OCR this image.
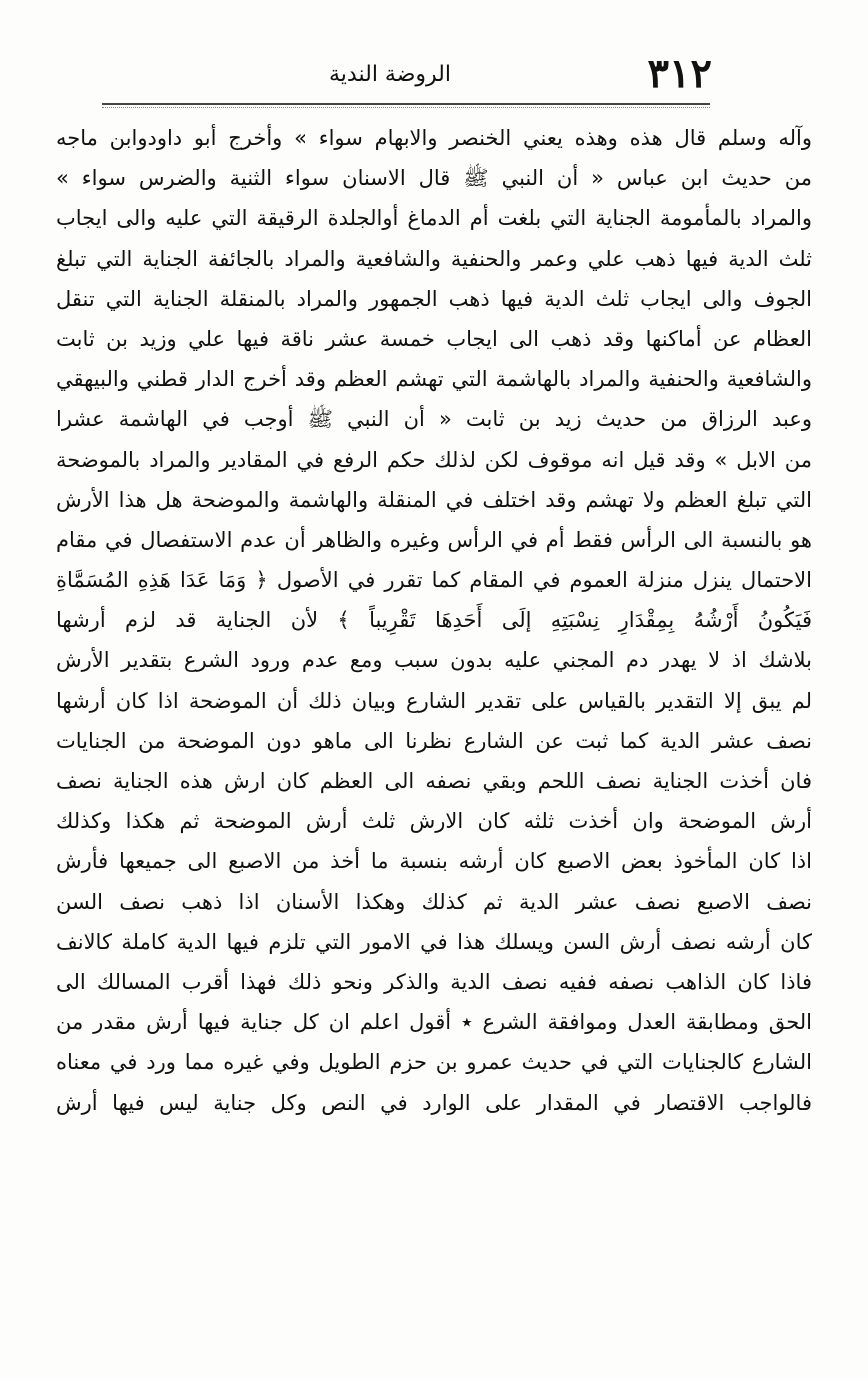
٣١٢
الروضة الندية
وآله وسلم قال هذه وهذه يعني الخنصر والابهام سواء » وأخرج أبو داودوابن ماجه
من حديث ابن عباس « أن النبي ﷺ قال الاسنان سواء الثنية والضرس سواء »
والمراد بالمأمومة الجناية التي بلغت أم الدماغ أوالجلدة الرقيقة التي عليه والى ايجاب
ثلث الدية فيها ذهب علي وعمر والحنفية والشافعية والمراد بالجائفة الجناية التي تبلغ
الجوف والى ايجاب ثلث الدية فيها ذهب الجمهور والمراد بالمنقلة الجناية التي تنقل
العظام عن أماكنها وقد ذهب الى ايجاب خمسة عشر ناقة فيها علي وزيد بن ثابت
والشافعية والحنفية والمراد بالهاشمة التي تهشم العظم وقد أخرج الدار قطني والبيهقي
وعبد الرزاق من حديث زيد بن ثابت « أن النبي ﷺ أوجب في الهاشمة عشرا
من الابل » وقد قيل انه موقوف لكن لذلك حكم الرفع في المقادير والمراد بالموضحة
التي تبلغ العظم ولا تهشم وقد اختلف في المنقلة والهاشمة والموضحة هل هذا الأرش
هو بالنسبة الى الرأس فقط أم في الرأس وغيره والظاهر أن عدم الاستفصال في مقام
الاحتمال ينزل منزلة العموم في المقام كما تقرر في الأصول ﴿ وَمَا عَدَا هَذِهِ المُسَمَّاةِ
فَيَكُونُ أَرْشُهُ بِمِقْدَارِ نِسْبَتِهِ إلَى أَحَدِهَا تَقْرِيباً ﴾ لأن الجناية قد لزم أرشها
بلاشك اذ لا يهدر دم المجني عليه بدون سبب ومع عدم ورود الشرع بتقدير الأرش
لم يبق إلا التقدير بالقياس على تقدير الشارع وبيان ذلك أن الموضحة اذا كان أرشها
نصف عشر الدية كما ثبت عن الشارع نظرنا الى ماهو دون الموضحة من الجنايات
فان أخذت الجناية نصف اللحم وبقي نصفه الى العظم كان ارش هذه الجناية نصف
أرش الموضحة وان أخذت ثلثه كان الارش ثلث أرش الموضحة ثم هكذا وكذلك
اذا كان المأخوذ بعض الاصبع كان أرشه بنسبة ما أخذ من الاصبع الى جميعها فأرش
نصف الاصبع نصف عشر الدية ثم كذلك وهكذا الأسنان اذا ذهب نصف السن
كان أرشه نصف أرش السن ويسلك هذا في الامور التي تلزم فيها الدية كاملة كالانف
فاذا كان الذاهب نصفه ففيه نصف الدية والذكر ونحو ذلك فهذا أقرب المسالك الى
الحق ومطابقة العدل وموافقة الشرع ٭ أقول اعلم ان كل جناية فيها أرش مقدر من
الشارع كالجنايات التي في حديث عمرو بن حزم الطويل وفي غيره مما ورد في معناه
فالواجب الاقتصار في المقدار على الوارد في النص وكل جناية ليس فيها أرش
